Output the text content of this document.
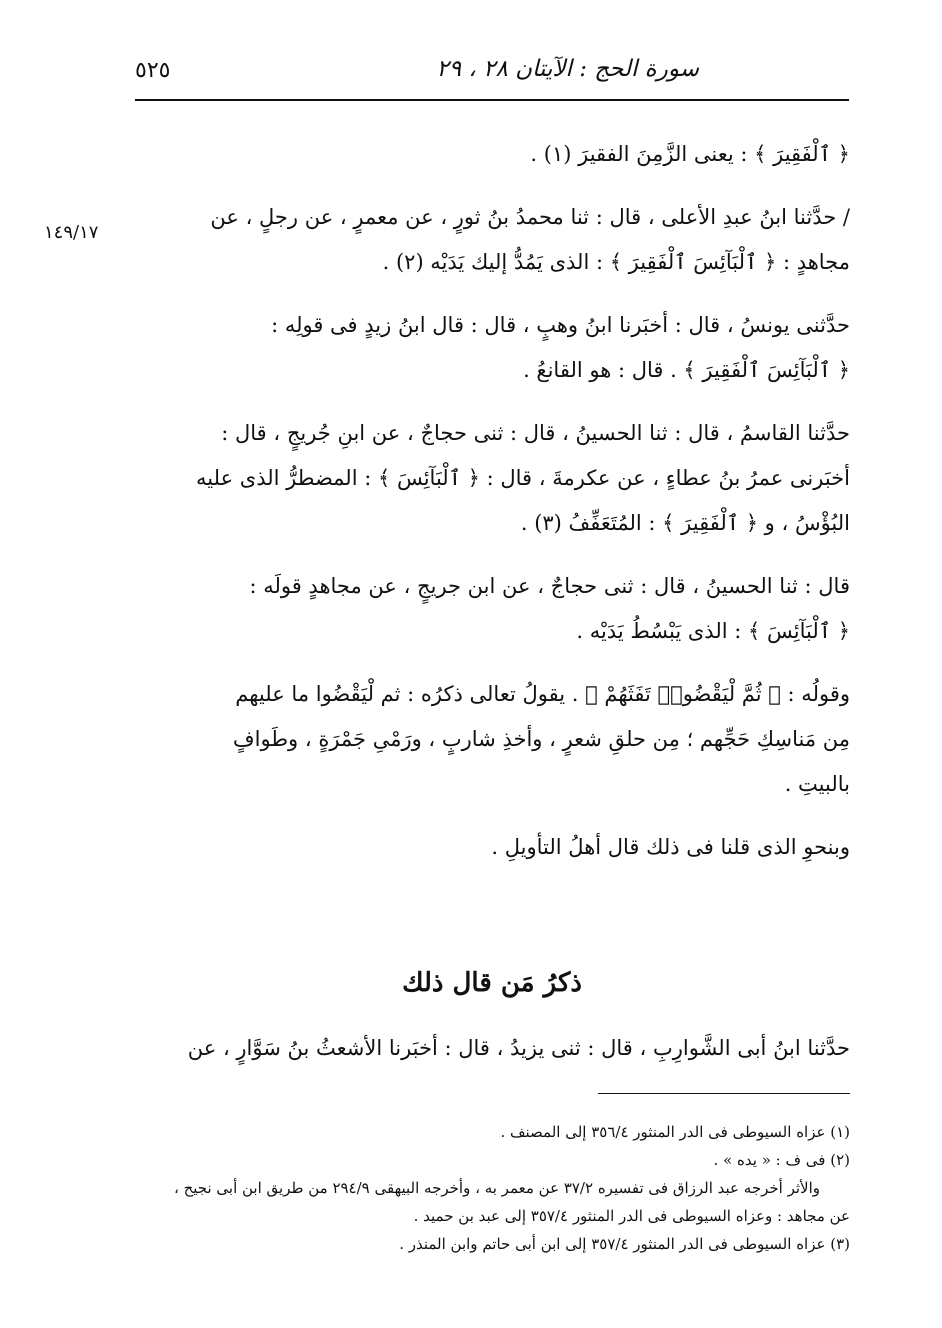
سورة الحج : الآيتان ٢٨ ، ٢٩
٥٢٥
١٤٩/١٧

﴿ ٱلْفَقِيرَ ﴾ : يعنى الزَّمِنَ الفقيرَ (١) .

/ حدَّثنا ابنُ عبدِ الأعلى ، قال : ثنا محمدُ بنُ ثورٍ ، عن معمرٍ ، عن رجلٍ ، عن

مجاهدٍ : ﴿ ٱلْبَآئِسَ ٱلْفَقِيرَ ﴾ : الذى يَمُدُّ إليك يَدَيْه (٢) .

حدَّثنى يونسُ ، قال : أخبَرنا ابنُ وهبٍ ، قال : قال ابنُ زيدٍ فى قولِه :

﴿ ٱلْبَآئِسَ ٱلْفَقِيرَ ﴾ . قال : هو القانعُ .

حدَّثنا القاسمُ ، قال : ثنا الحسينُ ، قال : ثنى حجاجٌ ، عن ابنِ جُريجٍ ، قال :

أخبَرنى عمرُ بنُ عطاءٍ ، عن عكرمةَ ، قال : ﴿ ٱلْبَآئِسَ ﴾ : المضطرُّ الذى عليه

البُؤْسُ ، و ﴿ ٱلْفَقِيرَ ﴾ : المُتَعَفِّفُ (٣) .

قال : ثنا الحسينُ ، قال : ثنى حجاجٌ ، عن ابن جريجٍ ، عن مجاهدٍ قولَه :

﴿ ٱلْبَآئِسَ ﴾ : الذى يَبْسُطُ يَدَيْه .

وقولُه : ﴿ ثُمَّ لْيَقْضُوا۟ تَفَثَهُمْ ﴾ . يقولُ تعالى ذكرُه : ثم لْيَقْضُوا ما عليهم

مِن مَناسِكِ حَجِّهم ؛ مِن حلقِ شعرٍ ، وأخذِ شاربٍ ، ورَمْىِ جَمْرَةٍ ، وطَوافٍ

بالبيتِ .

وبنحوِ الذى قلنا فى ذلك قال أهلُ التأويلِ .

ذكرُ مَن قال ذلك
حدَّثنا ابنُ أبى الشَّوارِبِ ، قال : ثنى يزيدُ ، قال : أخبَرنا الأشعثُ بنُ سَوَّارٍ ، عن

(١) عزاه السيوطى فى الدر المنثور ٣٥٦/٤ إلى المصنف .

(٢) فى ف : « يده » .

والأثر أخرجه عبد الرزاق فى تفسيره ٣٧/٢ عن معمر به ، وأخرجه البيهقى ٢٩٤/٩ من طريق ابن أبى نجيح ،

عن مجاهد : وعزاه السيوطى فى الدر المنثور ٣٥٧/٤ إلى عبد بن حميد .

(٣) عزاه السيوطى فى الدر المنثور ٣٥٧/٤ إلى ابن أبى حاتم وابن المنذر .
